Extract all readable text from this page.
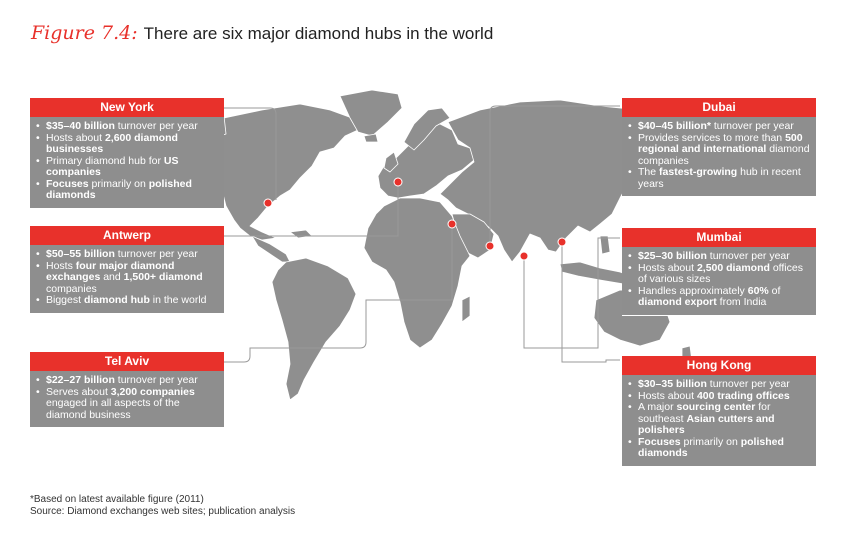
Figure 7.4: There are six major diamond hubs in the world
New York
• $35–40 billion turnover per year
• Hosts about 2,600 diamond businesses
• Primary diamond hub for US companies
• Focuses primarily on polished diamonds
Antwerp
• $50–55 billion turnover per year
• Hosts four major diamond exchanges and 1,500+ diamond companies
• Biggest diamond hub in the world
Tel Aviv
• $22–27 billion turnover per year
• Serves about 3,200 companies engaged in all aspects of the diamond business
Dubai
• $40–45 billion* turnover per year
• Provides services to more than 500 regional and international diamond companies
• The fastest-growing hub in recent years
Mumbai
• $25–30 billion turnover per year
• Hosts about 2,500 diamond offices of various sizes
• Handles approximately 60% of diamond export from India
Hong Kong
• $30–35 billion turnover per year
• Hosts about 400 trading offices
• A major sourcing center for southeast Asian cutters and polishers
• Focuses primarily on polished diamonds
*Based on latest available figure (2011)
Source: Diamond exchanges web sites; publication analysis
